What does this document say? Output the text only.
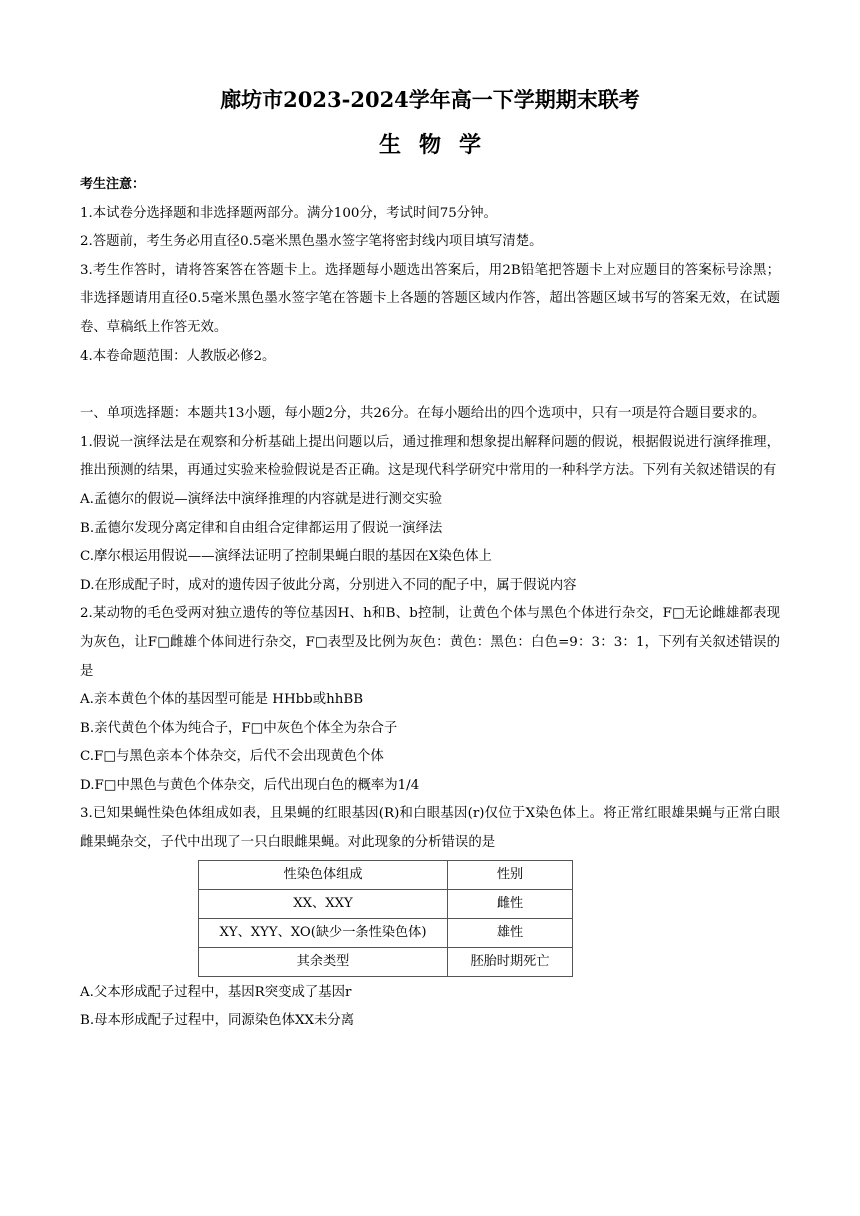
廊坊市2023-2024学年高一下学期期末联考
生物学

考生注意：

1.本试卷分选择题和非选择题两部分。满分100分，考试时间75分钟。

2.答题前，考生务必用直径0.5毫米黑色墨水签字笔将密封线内项目填写清楚。

3.考生作答时，请将答案答在答题卡上。选择题每小题选出答案后，用2B铅笔把答题卡上对应题目的答案标号涂黑；非选择题请用直径0.5毫米黑色墨水签字笔在答题卡上各题的答题区域内作答，超出答题区域书写的答案无效，在试题卷、草稿纸上作答无效。

4.本卷命题范围：人教版必修2。

一、单项选择题：本题共13小题，每小题2分，共26分。在每小题给出的四个选项中，只有一项是符合题目要求的。

1.假说一演绎法是在观察和分析基础上提出问题以后，通过推理和想象提出解释问题的假说，根据假说进行演绎推理，推出预测的结果，再通过实验来检验假说是否正确。这是现代科学研究中常用的一种科学方法。下列有关叙述错误的有

A.孟德尔的假说—演绎法中演绎推理的内容就是进行测交实验

B.孟德尔发现分离定律和自由组合定律都运用了假说一演绎法

C.摩尔根运用假说——演绎法证明了控制果蝇白眼的基因在X染色体上

D.在形成配子时，成对的遗传因子彼此分离，分别进入不同的配子中，属于假说内容

2.某动物的毛色受两对独立遗传的等位基因H、h和B、b控制，让黄色个体与黑色个体进行杂交，F□无论雌雄都表现为灰色，让F□雌雄个体间进行杂交，F□表型及比例为灰色：黄色：黑色：白色=9：3：3：1，下列有关叙述错误的是

A.亲本黄色个体的基因型可能是 HHbb或hhBB

B.亲代黄色个体为纯合子，F□中灰色个体全为杂合子

C.F□与黑色亲本个体杂交，后代不会出现黄色个体

D.F□中黑色与黄色个体杂交，后代出现白色的概率为1/4

3.已知果蝇性染色体组成如表，且果蝇的红眼基因(R)和白眼基因(r)仅位于X染色体上。将正常红眼雄果蝇与正常白眼雌果蝇杂交，子代中出现了一只白眼雌果蝇。对此现象的分析错误的是

性染色体组成	性别
XX、XXY	雌性
XY、XYY、XO(缺少一条性染色体)	雄性
其余类型	胚胎时期死亡

A.父本形成配子过程中，基因R突变成了基因r

B.母本形成配子过程中，同源染色体XX未分离
